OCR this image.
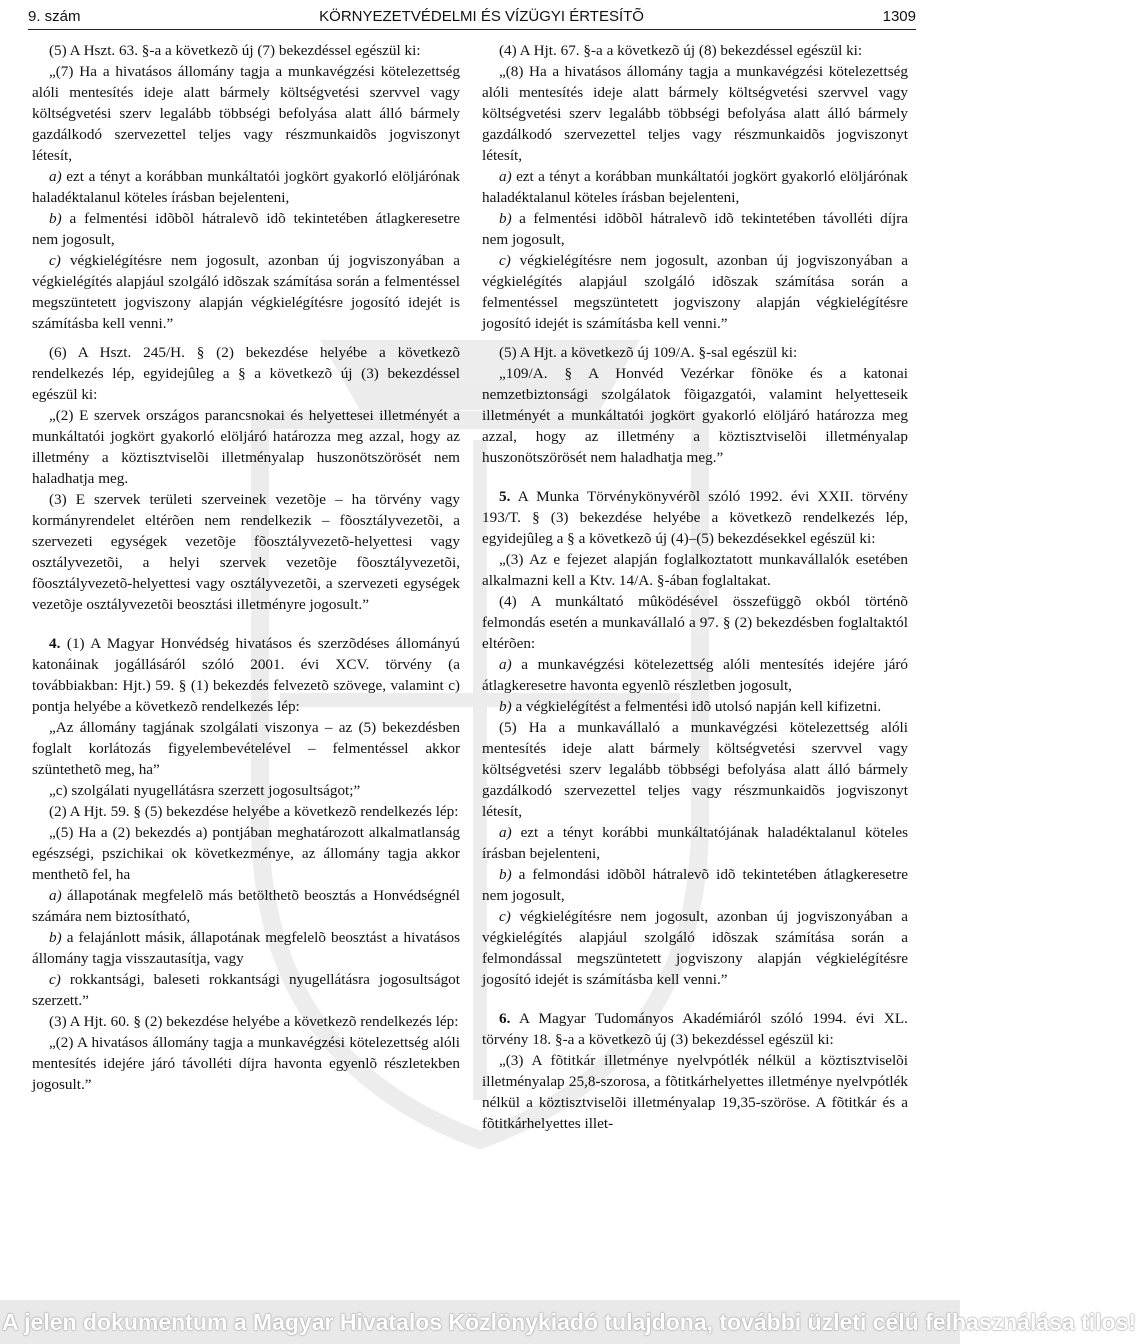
9. szám	KÖRNYEZETVÉDELMI ÉS VÍZÜGYI ÉRTESÍTÕ	1309

(5) A Hszt. 63. §-a a következõ új (7) bekezdéssel egészül ki:

„(7) Ha a hivatásos állomány tagja a munkavégzési kötelezettség alóli mentesítés ideje alatt bármely költségvetési szervvel vagy költségvetési szerv legalább többségi befolyása alatt álló bármely gazdálkodó szervezettel teljes vagy részmunkaidõs jogviszonyt létesít,

a) ezt a tényt a korábban munkáltatói jogkört gyakorló elöljárónak haladéktalanul köteles írásban bejelenteni,

b) a felmentési idõbõl hátralevõ idõ tekintetében átlagkeresetre nem jogosult,

c) végkielégítésre nem jogosult, azonban új jogviszonyában a végkielégítés alapjául szolgáló idõszak számítása során a felmentéssel megszüntetett jogviszony alapján végkielégítésre jogosító idejét is számításba kell venni.”

(6) A Hszt. 245/H. § (2) bekezdése helyébe a következõ rendelkezés lép, egyidejûleg a § a következõ új (3) bekezdéssel egészül ki:

„(2) E szervek országos parancsnokai és helyettesei illetményét a munkáltatói jogkört gyakorló elöljáró határozza meg azzal, hogy az illetmény a köztisztviselõi illetményalap huszonötszörösét nem haladhatja meg.

(3) E szervek területi szerveinek vezetõje – ha törvény vagy kormányrendelet eltérõen nem rendelkezik – fõosztályvezetõi, a szervezeti egységek vezetõje fõosztályvezetõ-helyettesi vagy osztályvezetõi, a helyi szervek vezetõje fõosztályvezetõi, fõosztályvezetõ-helyettesi vagy osztályvezetõi, a szervezeti egységek vezetõje osztályvezetõi beosztási illetményre jogosult.”

4. (1) A Magyar Honvédség hivatásos és szerzõdéses állományú katonáinak jogállásáról szóló 2001. évi XCV. törvény (a továbbiakban: Hjt.) 59. § (1) bekezdés felvezetõ szövege, valamint c) pontja helyébe a következõ rendelkezés lép:

„Az állomány tagjának szolgálati viszonya – az (5) bekezdésben foglalt korlátozás figyelembevételével – felmentéssel akkor szüntethetõ meg, ha”

„c) szolgálati nyugellátásra szerzett jogosultságot;”

(2) A Hjt. 59. § (5) bekezdése helyébe a következõ rendelkezés lép:

„(5) Ha a (2) bekezdés a) pontjában meghatározott alkalmatlanság egészségi, pszichikai ok következménye, az állomány tagja akkor menthetõ fel, ha

a) állapotának megfelelõ más betölthetõ beosztás a Honvédségnél számára nem biztosítható,

b) a felajánlott másik, állapotának megfelelõ beosztást a hivatásos állomány tagja visszautasítja, vagy

c) rokkantsági, baleseti rokkantsági nyugellátásra jogosultságot szerzett.”

(3) A Hjt. 60. § (2) bekezdése helyébe a következõ rendelkezés lép:

„(2) A hivatásos állomány tagja a munkavégzési kötelezettség alóli mentesítés idejére járó távolléti díjra havonta egyenlõ részletekben jogosult.”

(4) A Hjt. 67. §-a a következõ új (8) bekezdéssel egészül ki:

„(8) Ha a hivatásos állomány tagja a munkavégzési kötelezettség alóli mentesítés ideje alatt bármely költségvetési szervvel vagy költségvetési szerv legalább többségi befolyása alatt álló bármely gazdálkodó szervezettel teljes vagy részmunkaidõs jogviszonyt létesít,

a) ezt a tényt a korábban munkáltatói jogkört gyakorló elöljárónak haladéktalanul köteles írásban bejelenteni,

b) a felmentési idõbõl hátralevõ idõ tekintetében távolléti díjra nem jogosult,

c) végkielégítésre nem jogosult, azonban új jogviszonyában a végkielégítés alapjául szolgáló idõszak számítása során a felmentéssel megszüntetett jogviszony alapján végkielégítésre jogosító idejét is számításba kell venni.”

(5) A Hjt. a következõ új 109/A. §-sal egészül ki:

„109/A. § A Honvéd Vezérkar fõnöke és a katonai nemzetbiztonsági szolgálatok fõigazgatói, valamint helyetteseik illetményét a munkáltatói jogkört gyakorló elöljáró határozza meg azzal, hogy az illetmény a köztisztviselõi illetményalap huszonötszörösét nem haladhatja meg.”

5. A Munka Törvénykönyvérõl szóló 1992. évi XXII. törvény 193/T. § (3) bekezdése helyébe a következõ rendelkezés lép, egyidejûleg a § a következõ új (4)–(5) bekezdésekkel egészül ki:

„(3) Az e fejezet alapján foglalkoztatott munkavállalók esetében alkalmazni kell a Ktv. 14/A. §-ában foglaltakat.

(4) A munkáltató mûködésével összefüggõ okból történõ felmondás esetén a munkavállaló a 97. § (2) bekezdésben foglaltaktól eltérõen:

a) a munkavégzési kötelezettség alóli mentesítés idejére járó átlagkeresetre havonta egyenlõ részletben jogosult,

b) a végkielégítést a felmentési idõ utolsó napján kell kifizetni.

(5) Ha a munkavállaló a munkavégzési kötelezettség alóli mentesítés ideje alatt bármely költségvetési szervvel vagy költségvetési szerv legalább többségi befolyása alatt álló bármely gazdálkodó szervezettel teljes vagy részmunkaidõs jogviszonyt létesít,

a) ezt a tényt korábbi munkáltatójának haladéktalanul köteles írásban bejelenteni,

b) a felmondási idõbõl hátralevõ idõ tekintetében átlagkeresetre nem jogosult,

c) végkielégítésre nem jogosult, azonban új jogviszonyában a végkielégítés alapjául szolgáló idõszak számítása során a felmondással megszüntetett jogviszony alapján végkielégítésre jogosító idejét is számításba kell venni.”

6. A Magyar Tudományos Akadémiáról szóló 1994. évi XL. törvény 18. §-a a következõ új (3) bekezdéssel egészül ki:

„(3) A fõtitkár illetménye nyelvpótlék nélkül a köztisztviselõi illetményalap 25,8-szorosa, a fõtitkárhelyettes illetménye nyelvpótlék nélkül a köztisztviselõi illetményalap 19,35-szöröse. A fõtitkár és a fõtitkárhelyettes illet-

A jelen dokumentum a Magyar Hivatalos Közlönykiadó tulajdona, további üzleti célú felhasználása tilos!
